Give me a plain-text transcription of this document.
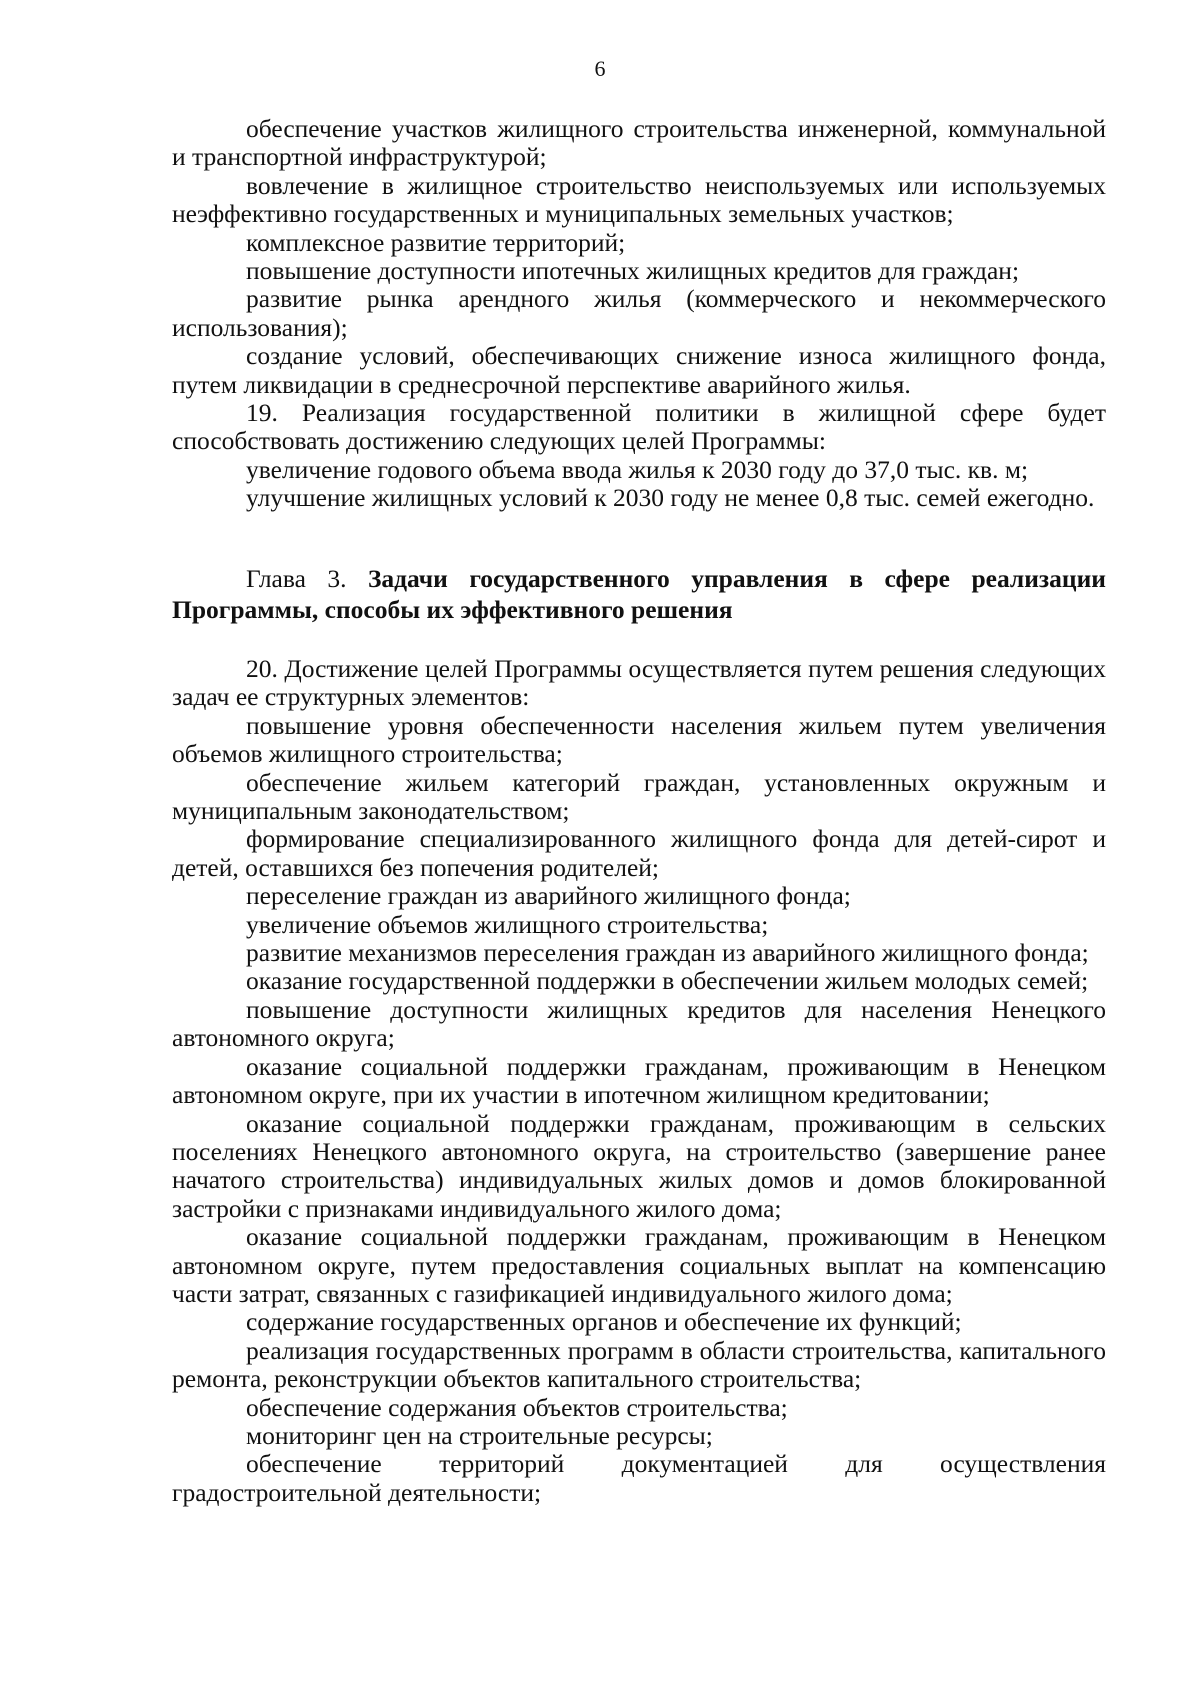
6

обеспечение участков жилищного строительства инженерной, коммунальной и транспортной инфраструктурой;

вовлечение в жилищное строительство неиспользуемых или используемых неэффективно государственных и муниципальных земельных участков;

комплексное развитие территорий;

повышение доступности ипотечных жилищных кредитов для граждан;

развитие рынка арендного жилья (коммерческого и некоммерческого использования);

создание условий, обеспечивающих снижение износа жилищного фонда, путем ликвидации в среднесрочной перспективе аварийного жилья.

19. Реализация государственной политики в жилищной сфере будет способствовать достижению следующих целей Программы:

увеличение годового объема ввода жилья к 2030 году до 37,0 тыс. кв. м;

улучшение жилищных условий к 2030 году не менее 0,8 тыс. семей ежегодно.

Глава 3. Задачи государственного управления в сфере реализации Программы, способы их эффективного решения

20. Достижение целей Программы осуществляется путем решения следующих задач ее структурных элементов:

повышение уровня обеспеченности населения жильем путем увеличения объемов жилищного строительства;

обеспечение жильем категорий граждан, установленных окружным и муниципальным законодательством;

формирование специализированного жилищного фонда для детей-сирот и детей, оставшихся без попечения родителей;

переселение граждан из аварийного жилищного фонда;

увеличение объемов жилищного строительства;

развитие механизмов переселения граждан из аварийного жилищного фонда;

оказание государственной поддержки в обеспечении жильем молодых семей;

повышение доступности жилищных кредитов для населения Ненецкого автономного округа;

оказание социальной поддержки гражданам, проживающим в Ненецком автономном округе, при их участии в ипотечном жилищном кредитовании;

оказание социальной поддержки гражданам, проживающим в сельских поселениях Ненецкого автономного округа, на строительство (завершение ранее начатого строительства) индивидуальных жилых домов и домов блокированной застройки с признаками индивидуального жилого дома;

оказание социальной поддержки гражданам, проживающим в Ненецком автономном округе, путем предоставления социальных выплат на компенсацию части затрат, связанных с газификацией индивидуального жилого дома;

содержание государственных органов и обеспечение их функций;

реализация государственных программ в области строительства, капитального ремонта, реконструкции объектов капитального строительства;

обеспечение содержания объектов строительства;

мониторинг цен на строительные ресурсы;

обеспечение территорий документацией для осуществления градостроительной деятельности;
